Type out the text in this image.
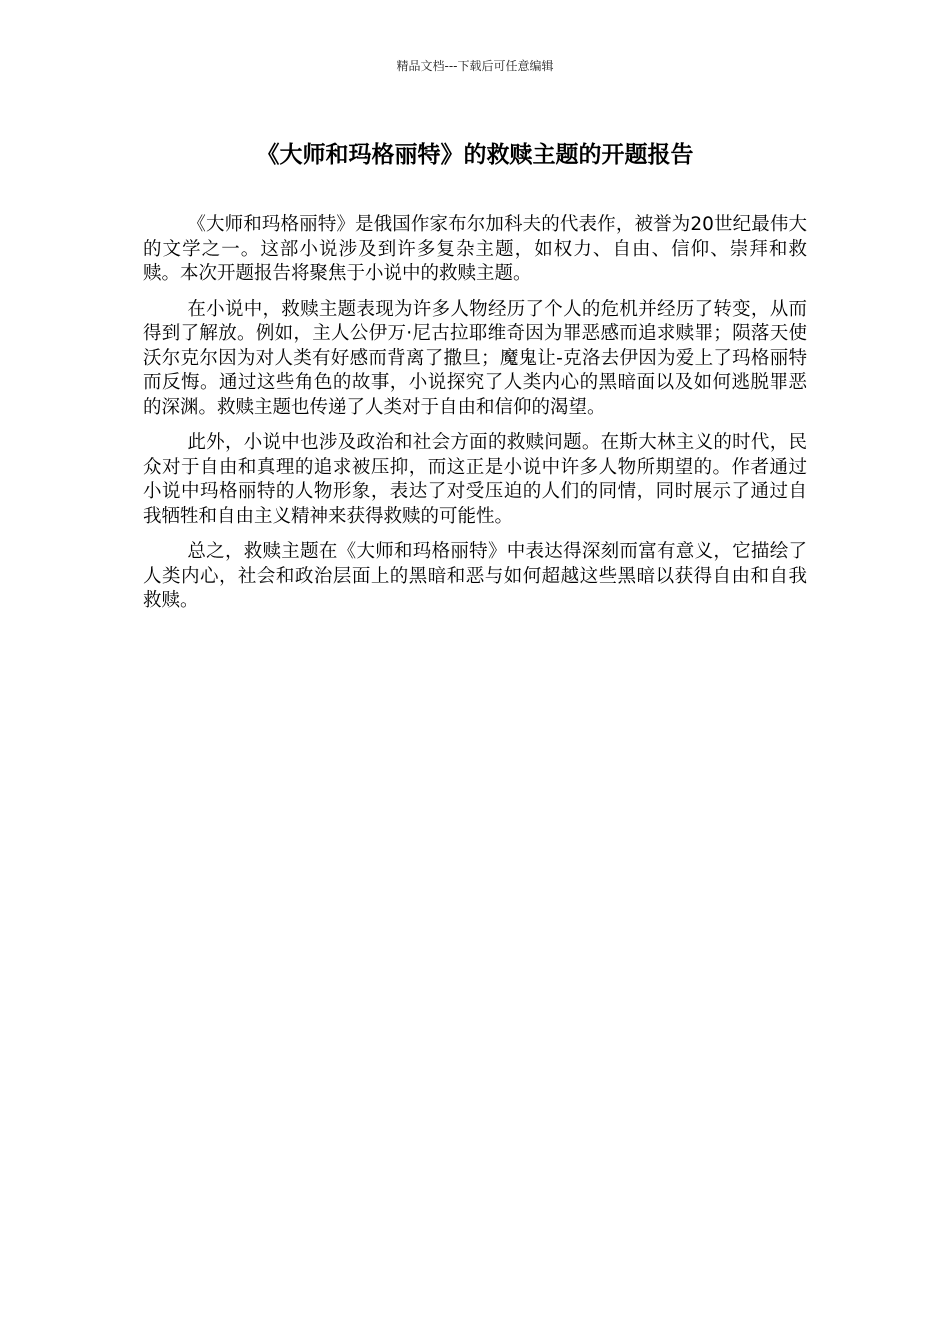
精品文档---下载后可任意编辑
《大师和玛格丽特》的救赎主题的开题报告

《大师和玛格丽特》是俄国作家布尔加科夫的代表作，被誉为20世纪最伟大的文学之一。这部小说涉及到许多复杂主题，如权力、自由、信仰、崇拜和救赎。本次开题报告将聚焦于小说中的救赎主题。

在小说中，救赎主题表现为许多人物经历了个人的危机并经历了转变，从而得到了解放。例如，主人公伊万·尼古拉耶维奇因为罪恶感而追求赎罪；陨落天使沃尔克尔因为对人类有好感而背离了撒旦；魔鬼让-克洛去伊因为爱上了玛格丽特而反悔。通过这些角色的故事，小说探究了人类内心的黑暗面以及如何逃脱罪恶的深渊。救赎主题也传递了人类对于自由和信仰的渴望。

此外，小说中也涉及政治和社会方面的救赎问题。在斯大林主义的时代，民众对于自由和真理的追求被压抑，而这正是小说中许多人物所期望的。作者通过小说中玛格丽特的人物形象，表达了对受压迫的人们的同情，同时展示了通过自我牺牲和自由主义精神来获得救赎的可能性。

总之，救赎主题在《大师和玛格丽特》中表达得深刻而富有意义，它描绘了人类内心，社会和政治层面上的黑暗和恶与如何超越这些黑暗以获得自由和自我救赎。
